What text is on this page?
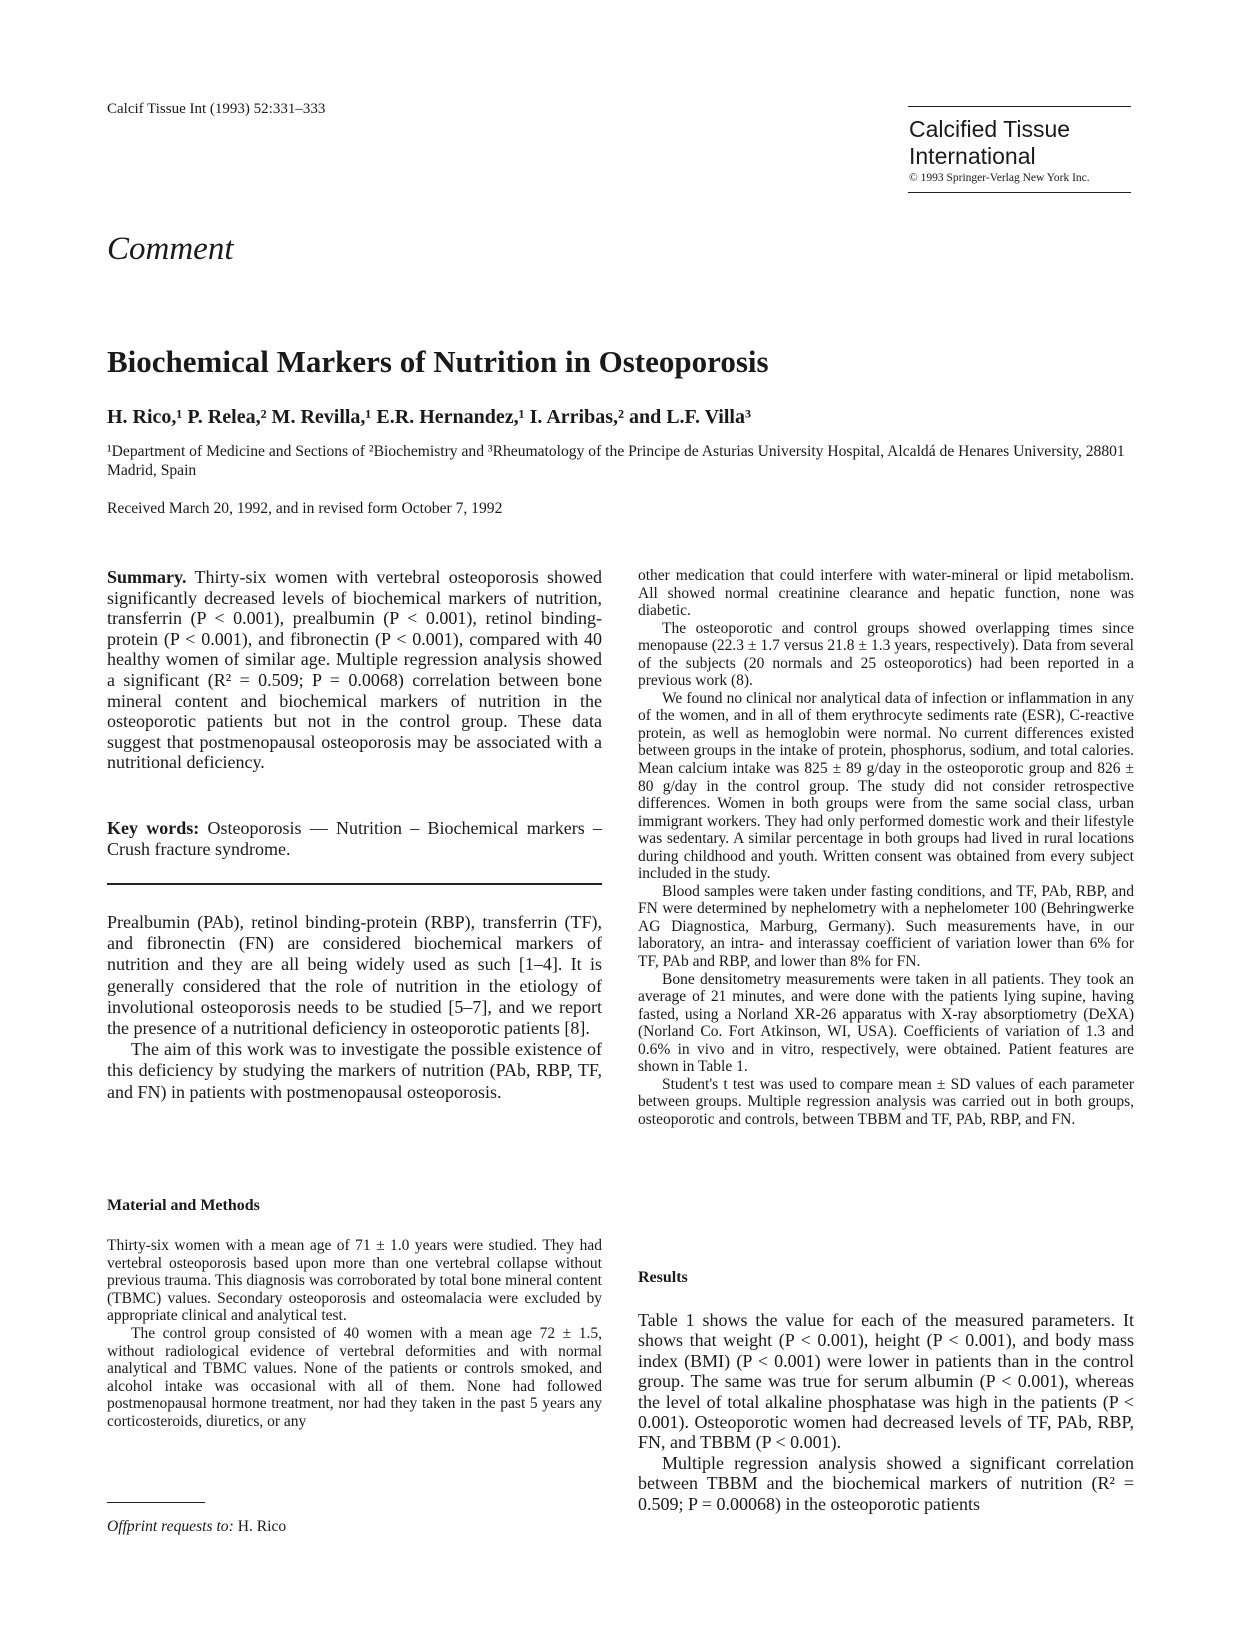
Calcif Tissue Int (1993) 52:331–333
Calcified Tissue International
© 1993 Springer-Verlag New York Inc.
Comment
Biochemical Markers of Nutrition in Osteoporosis
H. Rico,¹ P. Relea,² M. Revilla,¹ E.R. Hernandez,¹ I. Arribas,² and L.F. Villa³
¹Department of Medicine and Sections of ²Biochemistry and ³Rheumatology of the Principe de Asturias University Hospital, Alcaldá de Henares University, 28801 Madrid, Spain
Received March 20, 1992, and in revised form October 7, 1992
Summary. Thirty-six women with vertebral osteoporosis showed significantly decreased levels of biochemical markers of nutrition, transferrin (P < 0.001), prealbumin (P < 0.001), retinol binding-protein (P < 0.001), and fibronectin (P < 0.001), compared with 40 healthy women of similar age. Multiple regression analysis showed a significant (R² = 0.509; P = 0.0068) correlation between bone mineral content and biochemical markers of nutrition in the osteoporotic patients but not in the control group. These data suggest that postmenopausal osteoporosis may be associated with a nutritional deficiency.
Key words: Osteoporosis — Nutrition – Biochemical markers – Crush fracture syndrome.

Prealbumin (PAb), retinol binding-protein (RBP), transferrin (TF), and fibronectin (FN) are considered biochemical markers of nutrition and they are all being widely used as such [1–4]. It is generally considered that the role of nutrition in the etiology of involutional osteoporosis needs to be studied [5–7], and we report the presence of a nutritional deficiency in osteoporotic patients [8].

The aim of this work was to investigate the possible existence of this deficiency by studying the markers of nutrition (PAb, RBP, TF, and FN) in patients with postmenopausal osteoporosis.

Material and Methods

Thirty-six women with a mean age of 71 ± 1.0 years were studied. They had vertebral osteoporosis based upon more than one vertebral collapse without previous trauma. This diagnosis was corroborated by total bone mineral content (TBMC) values. Secondary osteoporosis and osteomalacia were excluded by appropriate clinical and analytical test.

The control group consisted of 40 women with a mean age 72 ± 1.5, without radiological evidence of vertebral deformities and with normal analytical and TBMC values. None of the patients or controls smoked, and alcohol intake was occasional with all of them. None had followed postmenopausal hormone treatment, nor had they taken in the past 5 years any corticosteroids, diuretics, or any

Offprint requests to: H. Rico

other medication that could interfere with water-mineral or lipid metabolism. All showed normal creatinine clearance and hepatic function, none was diabetic.

The osteoporotic and control groups showed overlapping times since menopause (22.3 ± 1.7 versus 21.8 ± 1.3 years, respectively). Data from several of the subjects (20 normals and 25 osteoporotics) had been reported in a previous work (8).

We found no clinical nor analytical data of infection or inflammation in any of the women, and in all of them erythrocyte sediments rate (ESR), C-reactive protein, as well as hemoglobin were normal. No current differences existed between groups in the intake of protein, phosphorus, sodium, and total calories. Mean calcium intake was 825 ± 89 g/day in the osteoporotic group and 826 ± 80 g/day in the control group. The study did not consider retrospective differences. Women in both groups were from the same social class, urban immigrant workers. They had only performed domestic work and their lifestyle was sedentary. A similar percentage in both groups had lived in rural locations during childhood and youth. Written consent was obtained from every subject included in the study.

Blood samples were taken under fasting conditions, and TF, PAb, RBP, and FN were determined by nephelometry with a nephelometer 100 (Behringwerke AG Diagnostica, Marburg, Germany). Such measurements have, in our laboratory, an intra- and interassay coefficient of variation lower than 6% for TF, PAb and RBP, and lower than 8% for FN.

Bone densitometry measurements were taken in all patients. They took an average of 21 minutes, and were done with the patients lying supine, having fasted, using a Norland XR-26 apparatus with X-ray absorptiometry (DeXA) (Norland Co. Fort Atkinson, WI, USA). Coefficients of variation of 1.3 and 0.6% in vivo and in vitro, respectively, were obtained. Patient features are shown in Table 1.

Student's t test was used to compare mean ± SD values of each parameter between groups. Multiple regression analysis was carried out in both groups, osteoporotic and controls, between TBBM and TF, PAb, RBP, and FN.

Results

Table 1 shows the value for each of the measured parameters. It shows that weight (P < 0.001), height (P < 0.001), and body mass index (BMI) (P < 0.001) were lower in patients than in the control group. The same was true for serum albumin (P < 0.001), whereas the level of total alkaline phosphatase was high in the patients (P < 0.001). Osteoporotic women had decreased levels of TF, PAb, RBP, FN, and TBBM (P < 0.001).

Multiple regression analysis showed a significant correlation between TBBM and the biochemical markers of nutrition (R² = 0.509; P = 0.00068) in the osteoporotic patients
